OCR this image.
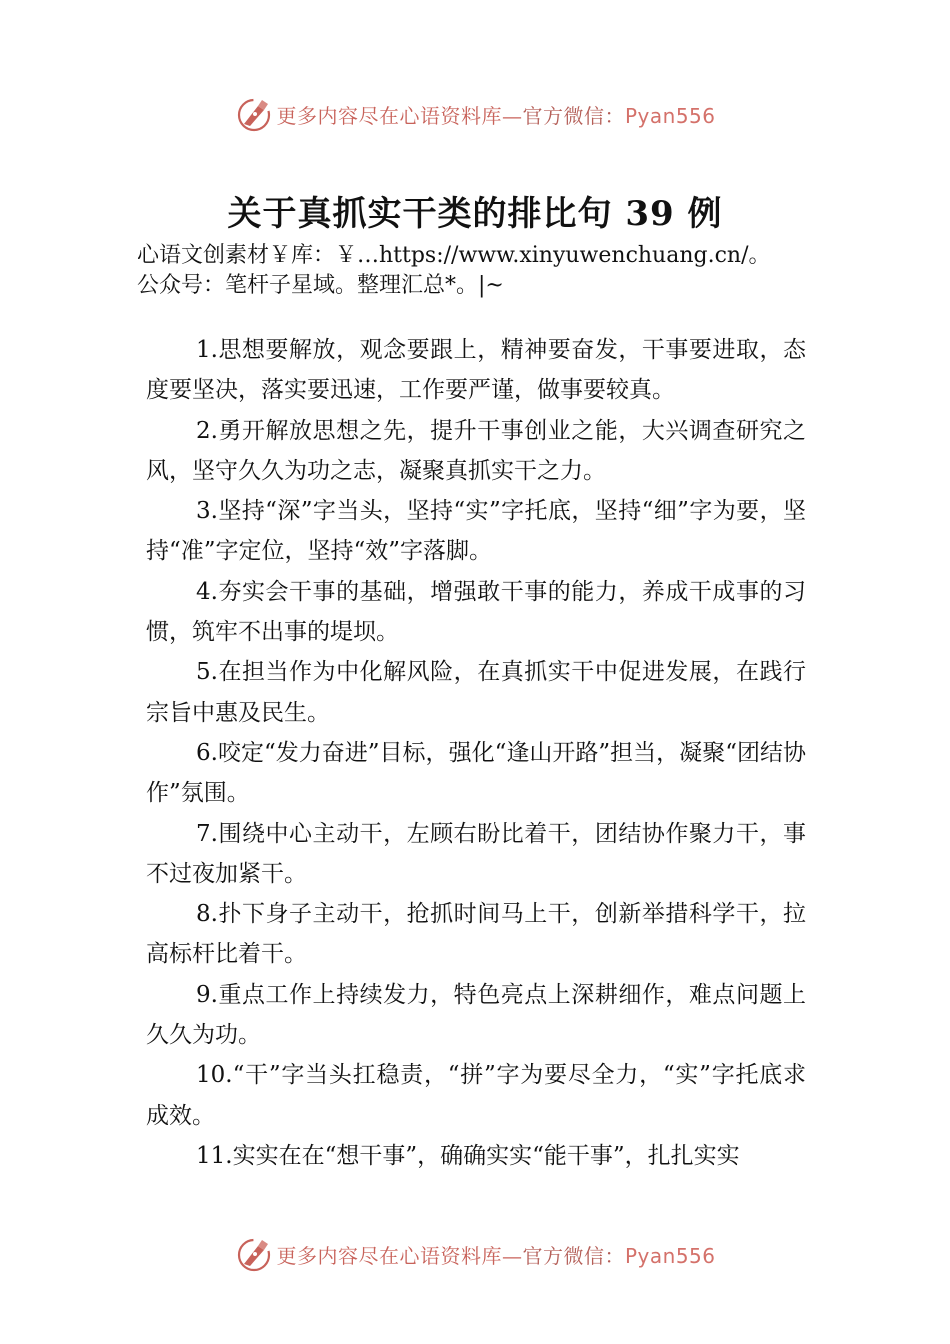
更多内容尽在心语资料库—官方微信：Pyan556
关于真抓实干类的排比句 39 例
心语文创素材￥库：￥…https://www.xinyuwenchuang.cn/。
公众号：笔杆子星域。整理汇总*。|~

1.思想要解放，观念要跟上，精神要奋发，干事要进取，态度要坚决，落实要迅速，工作要严谨，做事要较真。

2.勇开解放思想之先，提升干事创业之能，大兴调查研究之风，坚守久久为功之志，凝聚真抓实干之力。

3.坚持“深”字当头，坚持“实”字托底，坚持“细”字为要，坚持“准”字定位，坚持“效”字落脚。

4.夯实会干事的基础，增强敢干事的能力，养成干成事的习惯，筑牢不出事的堤坝。

5.在担当作为中化解风险，在真抓实干中促进发展，在践行宗旨中惠及民生。

6.咬定“发力奋进”目标，强化“逢山开路”担当，凝聚“团结协作”氛围。

7.围绕中心主动干，左顾右盼比着干，团结协作聚力干，事不过夜加紧干。

8.扑下身子主动干，抢抓时间马上干，创新举措科学干，拉高标杆比着干。

9.重点工作上持续发力，特色亮点上深耕细作，难点问题上久久为功。

10.“干”字当头扛稳责，“拼”字为要尽全力，“实”字托底求成效。

11.实实在在“想干事”，确确实实“能干事”，扎扎实实

更多内容尽在心语资料库—官方微信：Pyan556
